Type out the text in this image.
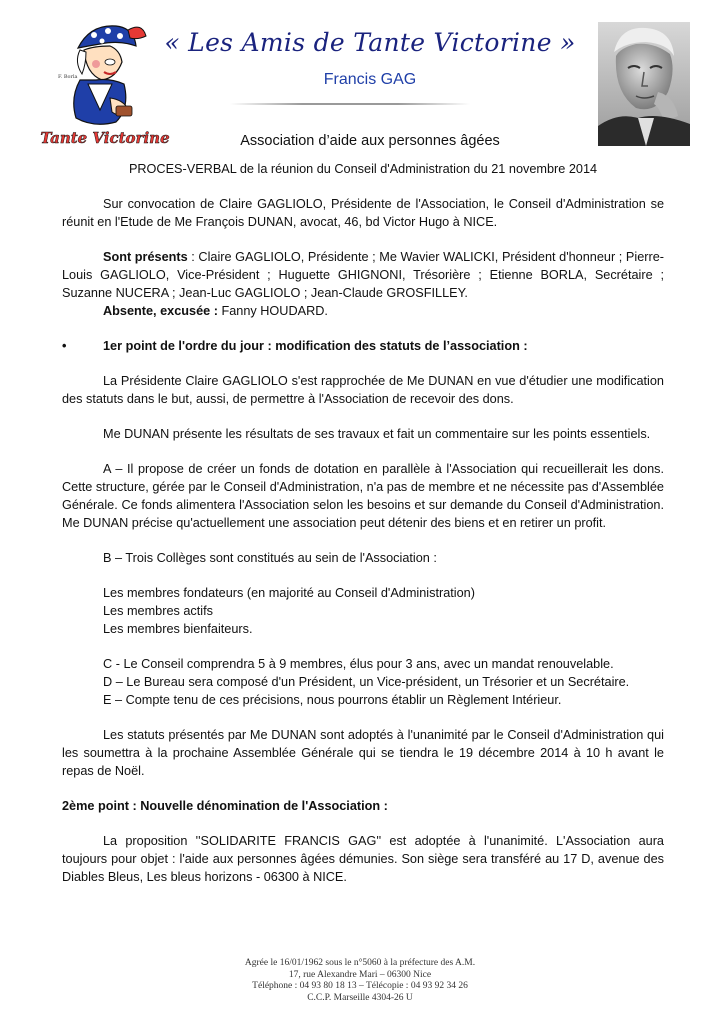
F. Borla
Tante Victorine
« Les Amis de Tante Victorine »
Francis GAG
Association d’aide aux personnes âgées

PROCES-VERBAL de la réunion du Conseil d'Administration du 21 novembre 2014

Sur convocation de Claire GAGLIOLO, Présidente de l'Association, le Conseil d'Administration se réunit en l'Etude de Me François DUNAN, avocat, 46, bd Victor Hugo à NICE.

Sont présents : Claire GAGLIOLO, Présidente ; Me Wavier WALICKI, Président d'honneur ; Pierre-Louis GAGLIOLO, Vice-Président ; Huguette GHIGNONI, Trésorière ; Etienne BORLA, Secrétaire ; Suzanne NUCERA ; Jean-Luc GAGLIOLO ; Jean-Claude GROSFILLEY.

Absente, excusée : Fanny HOUDARD.

•	1er point de l'ordre du jour : modification des statuts de l’association :

La Présidente Claire GAGLIOLO s'est rapprochée de Me DUNAN en vue d'étudier une modification des statuts dans le but, aussi, de permettre à l'Association de recevoir des dons.

Me DUNAN présente les résultats de ses travaux et fait un commentaire sur les points essentiels.

A – Il propose de créer un fonds de dotation en parallèle à l'Association qui recueillerait les dons. Cette structure, gérée par le Conseil d'Administration, n'a pas de membre et ne nécessite pas d'Assemblée Générale. Ce fonds alimentera l'Association selon les besoins et sur demande du Conseil d'Administration. Me DUNAN précise qu'actuellement une association peut détenir des biens et en retirer un profit.

B – Trois Collèges sont constitués au sein de l'Association :

Les membres fondateurs (en majorité au Conseil d'Administration)

Les membres actifs

Les membres bienfaiteurs.

C - Le Conseil comprendra 5 à 9 membres, élus pour 3 ans, avec un mandat renouvelable.

D – Le Bureau sera composé d'un Président, un Vice-président, un Trésorier et un Secrétaire.

E – Compte tenu de ces précisions, nous pourrons établir un Règlement Intérieur.

Les statuts présentés par Me DUNAN sont adoptés à l'unanimité par le Conseil d'Administration qui les soumettra à la prochaine Assemblée Générale qui se tiendra le 19 décembre 2014 à 10 h avant le repas de Noël.

2ème point : Nouvelle dénomination de l'Association :

La proposition ''SOLIDARITE FRANCIS GAG'' est adoptée à l'unanimité. L'Association aura toujours pour objet : l'aide aux personnes âgées démunies. Son siège sera transféré au 17 D, avenue des Diables Bleus, Les bleus horizons - 06300 à NICE.

Agrée le 16/01/1962 sous le n°5060 à la préfecture des A.M.
17, rue Alexandre Mari – 06300 Nice
Téléphone : 04 93 80 18 13 – Télécopie : 04 93 92 34 26
C.C.P. Marseille 4304-26 U
